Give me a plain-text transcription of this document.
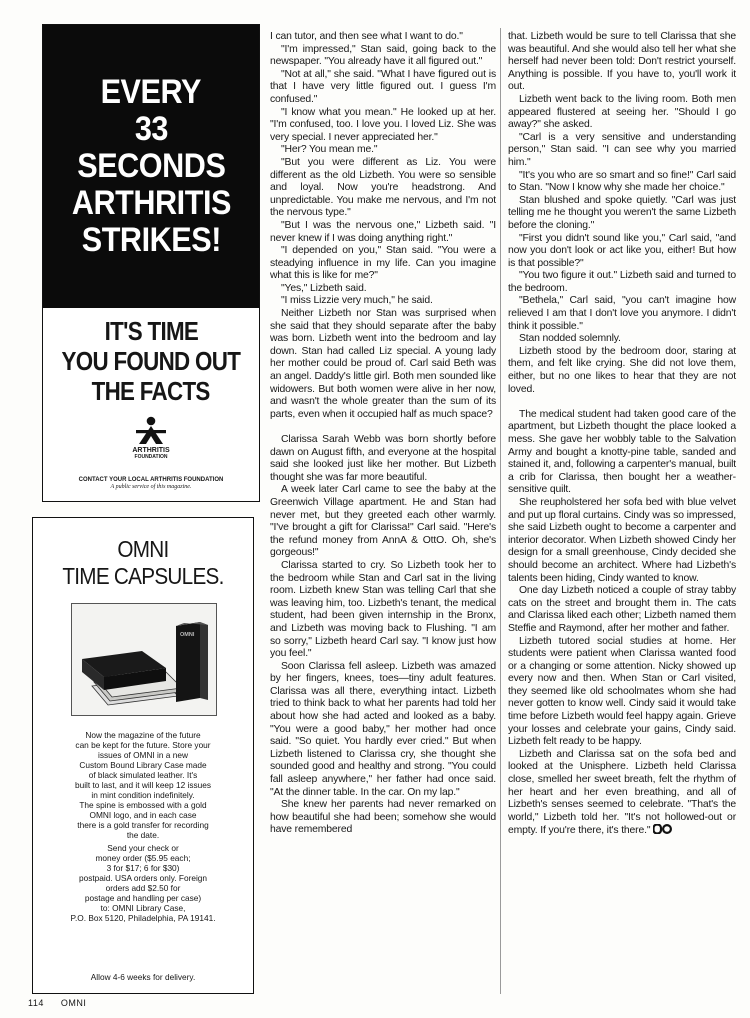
EVERY
33
SECONDS
ARTHRITIS
STRIKES!
IT'S TIME
YOU FOUND OUT
THE FACTS
ARTHRITIS
FOUNDATION
CONTACT YOUR LOCAL ARTHRITIS FOUNDATION
A public service of this magazine.
OMNI
TIME CAPSULES.
OMNI
Now the magazine of the future
can be kept for the future. Store your
issues of OMNI in a new
Custom Bound Library Case made
of black simulated leather. It's
built to last, and it will keep 12 issues
in mint condition indefinitely.
The spine is embossed with a gold
OMNI logo, and in each case
there is a gold transfer for recording
the date.
Send your check or
money order ($5.95 each;
3 for $17; 6 for $30)
postpaid. USA orders only. Foreign
orders add $2.50 for
postage and handling per case)
to: OMNI Library Case,
P.O. Box 5120, Philadelphia, PA 19141.
Allow 4-6 weeks for delivery.

I can tutor, and then see what I want to do."

"I'm impressed," Stan said, going back to the newspaper. "You already have it all figured out."

"Not at all," she said. "What I have figured out is that I have very little figured out. I guess I'm confused."

"I know what you mean." He looked up at her. "I'm confused, too. I love you. I loved Liz. She was very special. I never appreciated her."

"Her? You mean me."

"But you were different as Liz. You were different as the old Lizbeth. You were so sensible and loyal. Now you're headstrong. And unpredictable. You make me nervous, and I'm not the nervous type."

"But I was the nervous one," Lizbeth said. "I never knew if I was doing anything right."

"I depended on you," Stan said. "You were a steadying influence in my life. Can you imagine what this is like for me?"

"Yes," Lizbeth said.

"I miss Lizzie very much," he said.

Neither Lizbeth nor Stan was surprised when she said that they should separate after the baby was born. Lizbeth went into the bedroom and lay down. Stan had called Liz special. A young lady her mother could be proud of. Carl said Beth was an angel. Daddy's little girl. Both men sounded like widowers. But both women were alive in her now, and wasn't the whole greater than the sum of its parts, even when it occupied half as much space?

Clarissa Sarah Webb was born shortly before dawn on August fifth, and everyone at the hospital said she looked just like her mother. But Lizbeth thought she was far more beautiful.

A week later Carl came to see the baby at the Greenwich Village apartment. He and Stan had never met, but they greeted each other warmly. "I've brought a gift for Clarissa!" Carl said. "Here's the refund money from AnnA & OttO. Oh, she's gorgeous!"

Clarissa started to cry. So Lizbeth took her to the bedroom while Stan and Carl sat in the living room. Lizbeth knew Stan was telling Carl that she was leaving him, too. Lizbeth's tenant, the medical student, had been given internship in the Bronx, and Lizbeth was moving back to Flushing. "I am so sorry," Lizbeth heard Carl say. "I know just how you feel."

Soon Clarissa fell asleep. Lizbeth was amazed by her fingers, knees, toes—tiny adult features. Clarissa was all there, everything intact. Lizbeth tried to think back to what her parents had told her about how she had acted and looked as a baby. "You were a good baby," her mother had once said. "So quiet. You hardly ever cried." But when Lizbeth listened to Clarissa cry, she thought she sounded good and healthy and strong. "You could fall asleep anywhere," her father had once said. "At the dinner table. In the car. On my lap."

She knew her parents had never remarked on how beautiful she had been; somehow she would have remembered

that. Lizbeth would be sure to tell Clarissa that she was beautiful. And she would also tell her what she herself had never been told: Don't restrict yourself. Anything is possible. If you have to, you'll work it out.

Lizbeth went back to the living room. Both men appeared flustered at seeing her. "Should I go away?" she asked.

"Carl is a very sensitive and understanding person," Stan said. "I can see why you married him."

"It's you who are so smart and so fine!" Carl said to Stan. "Now I know why she made her choice."

Stan blushed and spoke quietly. "Carl was just telling me he thought you weren't the same Lizbeth before the cloning."

"First you didn't sound like you," Carl said, "and now you don't look or act like you, either! But how is that possible?"

"You two figure it out." Lizbeth said and turned to the bedroom.

"Bethela," Carl said, "you can't imagine how relieved I am that I don't love you anymore. I didn't think it possible."

Stan nodded solemnly.

Lizbeth stood by the bedroom door, staring at them, and felt like crying. She did not love them, either, but no one likes to hear that they are not loved.

The medical student had taken good care of the apartment, but Lizbeth thought the place looked a mess. She gave her wobbly table to the Salvation Army and bought a knotty-pine table, sanded and stained it, and, following a carpenter's manual, built a crib for Clarissa, then bought her a weather-sensitive quilt.

She reupholstered her sofa bed with blue velvet and put up floral curtains. Cindy was so impressed, she said Lizbeth ought to become a carpenter and interior decorator. When Lizbeth showed Cindy her design for a small greenhouse, Cindy decided she should become an architect. Where had Lizbeth's talents been hiding, Cindy wanted to know.

One day Lizbeth noticed a couple of stray tabby cats on the street and brought them in. The cats and Clarissa liked each other; Lizbeth named them Steffie and Raymond, after her mother and father.

Lizbeth tutored social studies at home. Her students were patient when Clarissa wanted food or a changing or some attention. Nicky showed up every now and then. When Stan or Carl visited, they seemed like old schoolmates whom she had never gotten to know well. Cindy said it would take time before Lizbeth would feel happy again. Grieve your losses and celebrate your gains, Cindy said. Lizbeth felt ready to be happy.

Lizbeth and Clarissa sat on the sofa bed and looked at the Unisphere. Lizbeth held Clarissa close, smelled her sweet breath, felt the rhythm of her heart and her even breathing, and all of Lizbeth's senses seemed to celebrate. "That's the world," Lizbeth told her. "It's not hollowed-out or empty. If you're there, it's there."

114 OMNI
